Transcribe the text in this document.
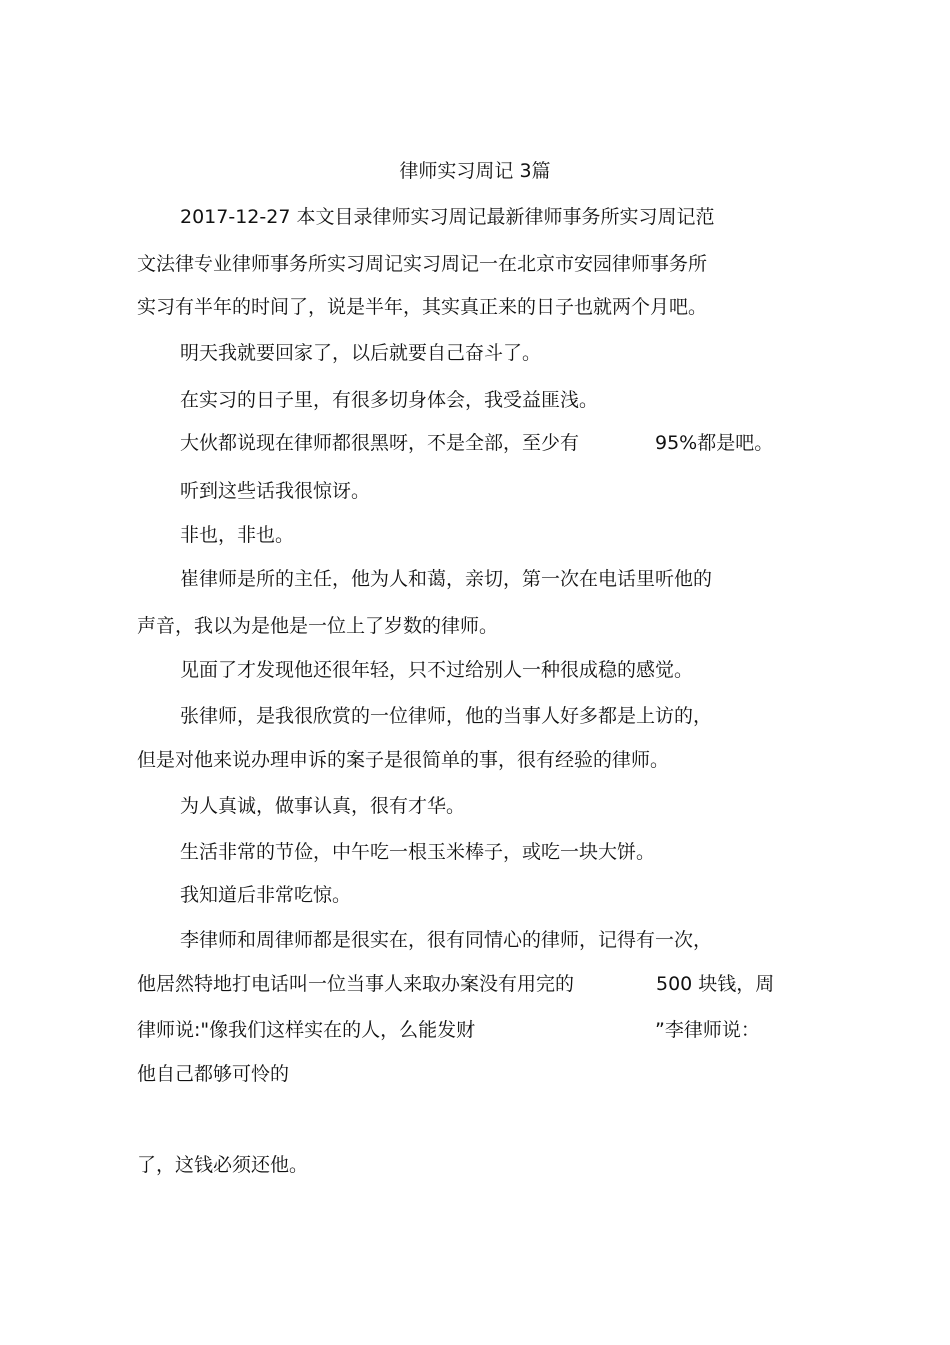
律师实习周记 3篇
2017-12-27 本文目录律师实习周记最新律师事务所实习周记范
文法律专业律师事务所实习周记实习周记一在北京市安园律师事务所
实习有半年的时间了，说是半年，其实真正来的日子也就两个月吧。
明天我就要回家了，以后就要自己奋斗了。
在实习的日子里，有很多切身体会，我受益匪浅。
大伙都说现在律师都很黑呀，不是全部，至少有	95%都是吧。
听到这些话我很惊讶。
非也，非也。
崔律师是所的主任，他为人和蔼，亲切，第一次在电话里听他的
声音，我以为是他是一位上了岁数的律师。
见面了才发现他还很年轻，只不过给别人一种很成稳的感觉。
张律师，是我很欣赏的一位律师，他的当事人好多都是上访的，
但是对他来说办理申诉的案子是很简单的事，很有经验的律师。
为人真诚，做事认真，很有才华。
生活非常的节俭，中午吃一根玉米棒子，或吃一块大饼。
我知道后非常吃惊。
李律师和周律师都是很实在，很有同情心的律师，记得有一次，
他居然特地打电话叫一位当事人来取办案没有用完的	500 块钱，周
律师说:"像我们这样实在的人，么能发财	”李律师说：
他自己都够可怜的
了，这钱必须还他。
